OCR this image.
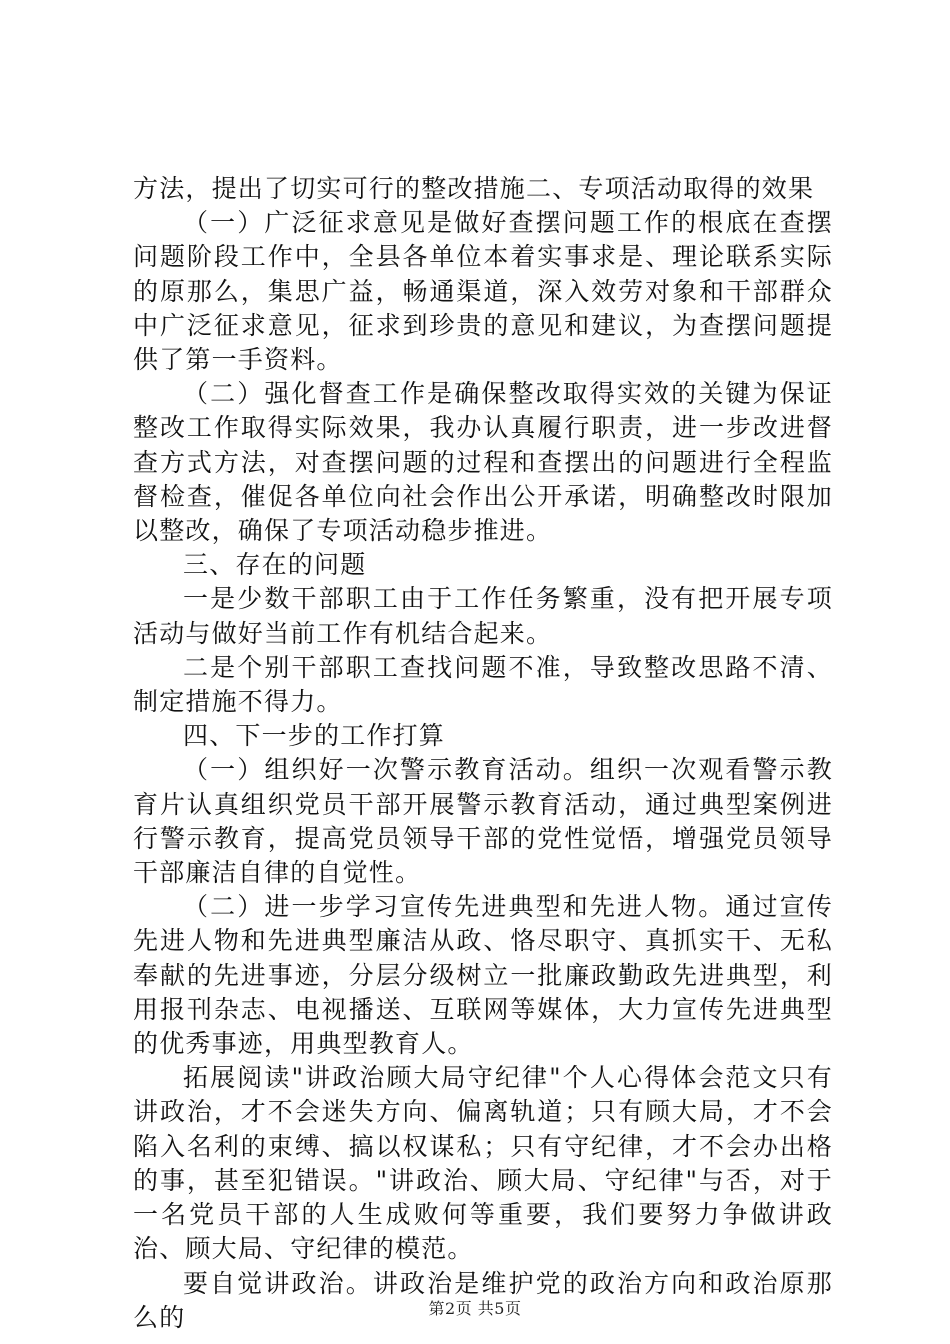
方法，提出了切实可行的整改措施二、专项活动取得的效果

（一）广泛征求意见是做好查摆问题工作的根底在查摆问题阶段工作中，全县各单位本着实事求是、理论联系实际的原那么，集思广益，畅通渠道，深入效劳对象和干部群众中广泛征求意见，征求到珍贵的意见和建议，为查摆问题提供了第一手资料。

（二）强化督查工作是确保整改取得实效的关键为保证整改工作取得实际效果，我办认真履行职责，进一步改进督查方式方法，对查摆问题的过程和查摆出的问题进行全程监督检查，催促各单位向社会作出公开承诺，明确整改时限加以整改，确保了专项活动稳步推进。

三、存在的问题

一是少数干部职工由于工作任务繁重，没有把开展专项活动与做好当前工作有机结合起来。

二是个别干部职工查找问题不准，导致整改思路不清、制定措施不得力。

四、下一步的工作打算

（一）组织好一次警示教育活动。组织一次观看警示教育片认真组织党员干部开展警示教育活动，通过典型案例进行警示教育，提高党员领导干部的党性觉悟，增强党员领导干部廉洁自律的自觉性。

（二）进一步学习宣传先进典型和先进人物。通过宣传先进人物和先进典型廉洁从政、恪尽职守、真抓实干、无私奉献的先进事迹，分层分级树立一批廉政勤政先进典型，利用报刊杂志、电视播送、互联网等媒体，大力宣传先进典型的优秀事迹，用典型教育人。

拓展阅读"讲政治顾大局守纪律"个人心得体会范文只有讲政治，才不会迷失方向、偏离轨道；只有顾大局，才不会陷入名利的束缚、搞以权谋私；只有守纪律，才不会办出格的事，甚至犯错误。"讲政治、顾大局、守纪律"与否，对于一名党员干部的人生成败何等重要，我们要努力争做讲政治、顾大局、守纪律的模范。

要自觉讲政治。讲政治是维护党的政治方向和政治原那么的	第2页 共5页
